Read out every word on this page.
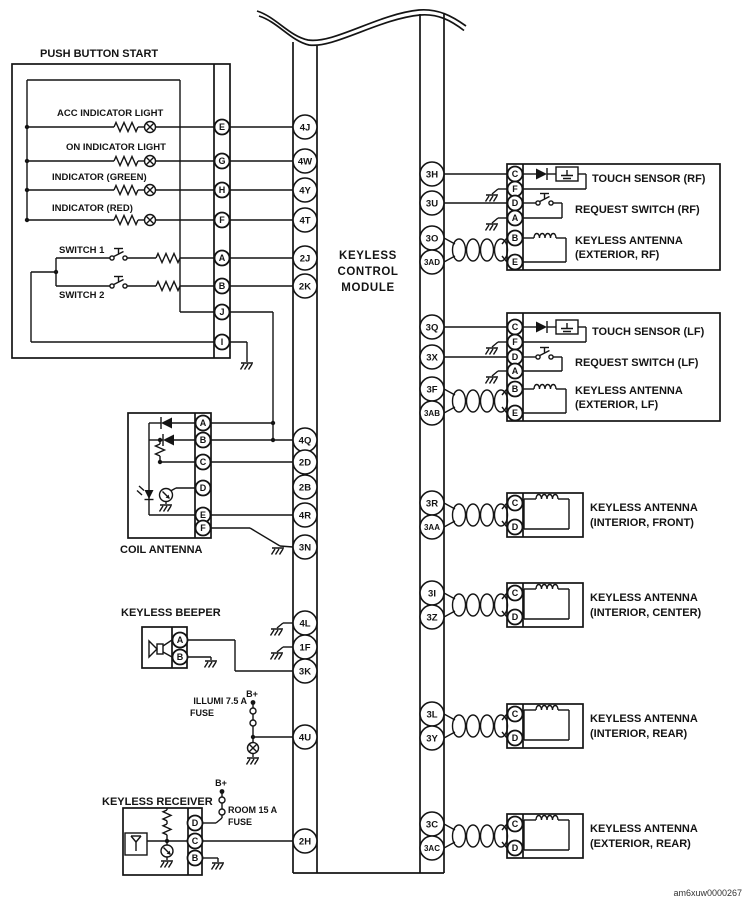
KEYLESS
CONTROL
MODULE
4J
4W
4Y
4T
2J
2K
4Q
2D
2B
4R
3N
4L
1F
3K
4U
2H
3H
3U
3O
3AD
3Q
3X
3F
3AB
3R
3AA
3I
3Z
3L
3Y
3C
3AC
PUSH BUTTON START
ACC INDICATOR LIGHT
ON INDICATOR LIGHT
INDICATOR (GREEN)
INDICATOR (RED)
SWITCH 1
SWITCH 2
E
G
H
F
A
B
J
I
A
B
C
D
E
F
COIL ANTENNA
KEYLESS BEEPER
A
B
B+
ILLUMI 7.5 A
FUSE
KEYLESS RECEIVER
B+
ROOM 15 A
FUSE
D
C
B
C
F
D
A
B
E
TOUCH SENSOR (RF)
REQUEST SWITCH (RF)
KEYLESS ANTENNA
(EXTERIOR, RF)
C
F
D
A
B
E
TOUCH SENSOR (LF)
REQUEST SWITCH (LF)
KEYLESS ANTENNA
(EXTERIOR, LF)
C
D
KEYLESS ANTENNA
(INTERIOR, FRONT)
C
D
KEYLESS ANTENNA
(INTERIOR, CENTER)
C
D
KEYLESS ANTENNA
(INTERIOR, REAR)
C
D
KEYLESS ANTENNA
(EXTERIOR, REAR)
am6xuw0000267
